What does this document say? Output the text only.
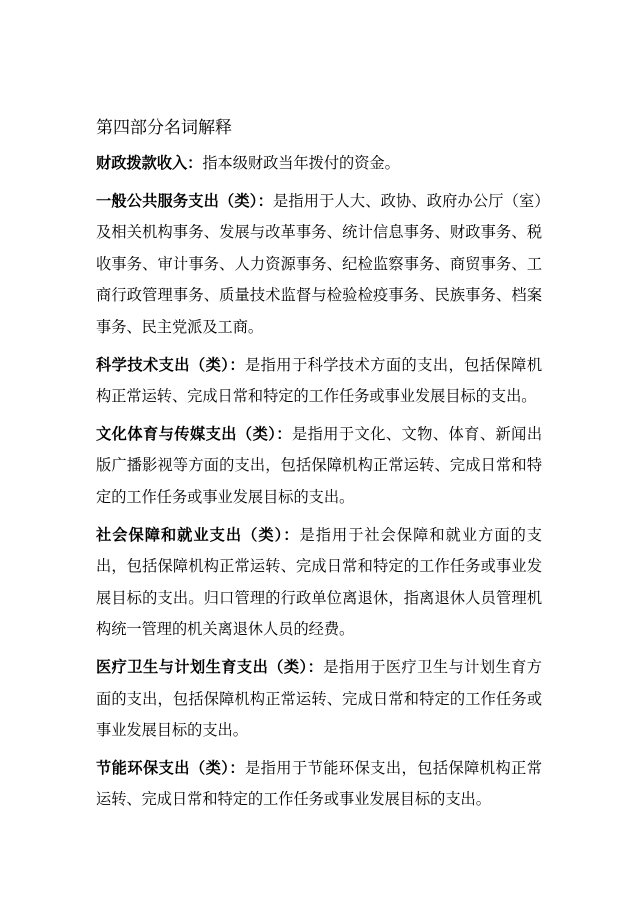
第四部分名词解释

财政拨款收入：指本级财政当年拨付的资金。

一般公共服务支出（类）：是指用于人大、政协、政府办公厅（室）及相关机构事务、发展与改革事务、统计信息事务、财政事务、税收事务、审计事务、人力资源事务、纪检监察事务、商贸事务、工商行政管理事务、质量技术监督与检验检疫事务、民族事务、档案事务、民主党派及工商。

科学技术支出（类）：是指用于科学技术方面的支出，包括保障机构正常运转、完成日常和特定的工作任务或事业发展目标的支出。

文化体育与传媒支出（类）：是指用于文化、文物、体育、新闻出版广播影视等方面的支出，包括保障机构正常运转、完成日常和特定的工作任务或事业发展目标的支出。

社会保障和就业支出（类）：是指用于社会保障和就业方面的支出，包括保障机构正常运转、完成日常和特定的工作任务或事业发展目标的支出。归口管理的行政单位离退休，指离退休人员管理机构统一管理的机关离退休人员的经费。

医疗卫生与计划生育支出（类）：是指用于医疗卫生与计划生育方面的支出，包括保障机构正常运转、完成日常和特定的工作任务或事业发展目标的支出。

节能环保支出（类）：是指用于节能环保支出，包括保障机构正常运转、完成日常和特定的工作任务或事业发展目标的支出。
